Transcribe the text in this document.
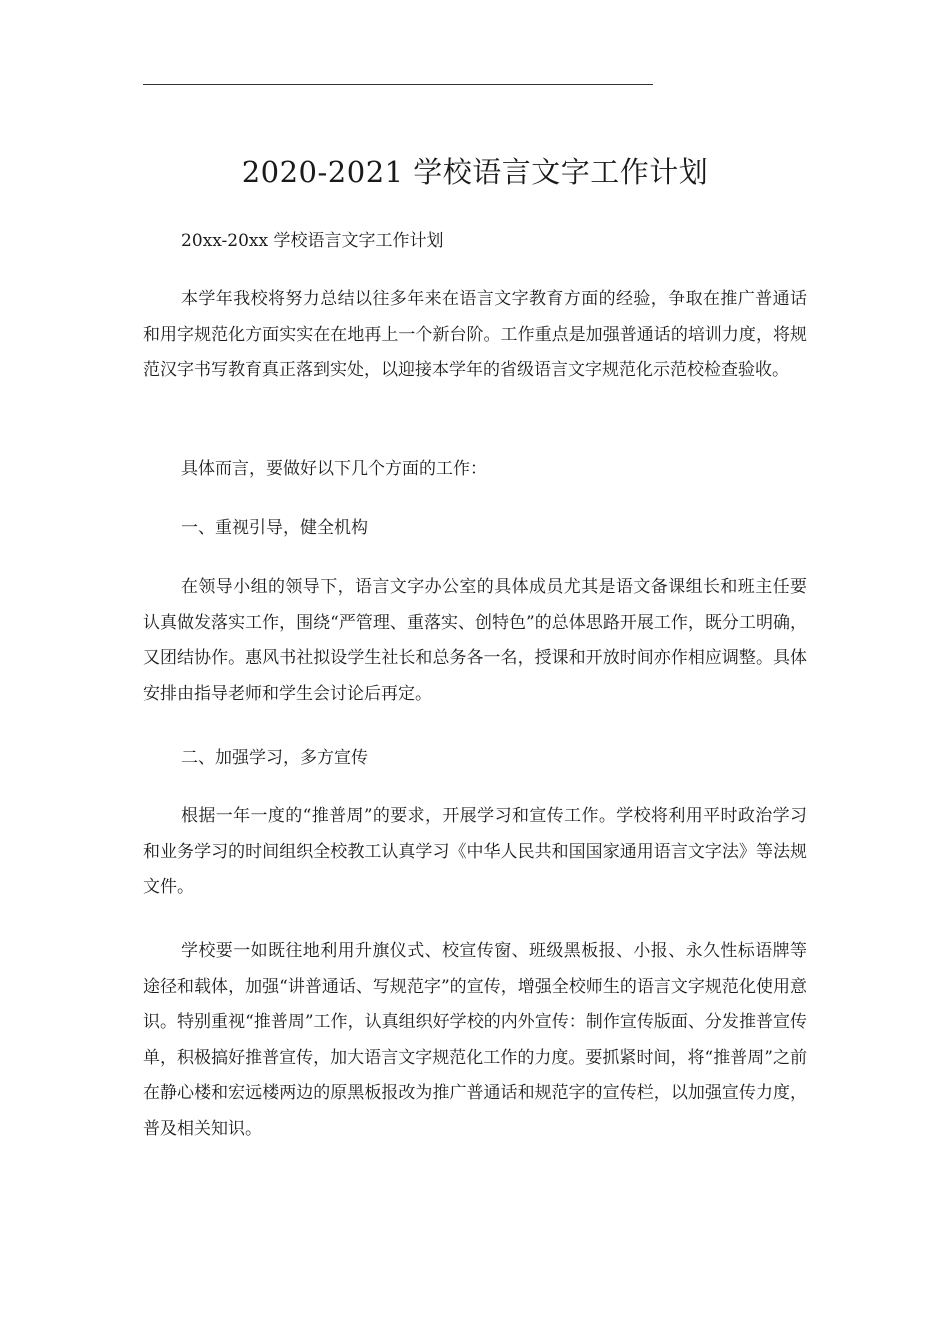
2020-2021 学校语言文字工作计划

20xx-20xx 学校语言文字工作计划

本学年我校将努力总结以往多年来在语言文字教育方面的经验，争取在推广普通话和用字规范化方面实实在在地再上一个新台阶。工作重点是加强普通话的培训力度，将规范汉字书写教育真正落到实处，以迎接本学年的省级语言文字规范化示范校检查验收。

具体而言，要做好以下几个方面的工作：

一、重视引导，健全机构

在领导小组的领导下，语言文字办公室的具体成员尤其是语文备课组长和班主任要认真做发落实工作，围绕“严管理、重落实、创特色”的总体思路开展工作，既分工明确，又团结协作。惠风书社拟设学生社长和总务各一名，授课和开放时间亦作相应调整。具体安排由指导老师和学生会讨论后再定。

二、加强学习，多方宣传

根据一年一度的“推普周”的要求，开展学习和宣传工作。学校将利用平时政治学习和业务学习的时间组织全校教工认真学习《中华人民共和国国家通用语言文字法》等法规文件。

学校要一如既往地利用升旗仪式、校宣传窗、班级黑板报、小报、永久性标语牌等途径和载体，加强“讲普通话、写规范字”的宣传，增强全校师生的语言文字规范化使用意识。特别重视“推普周”工作，认真组织好学校的内外宣传：制作宣传版面、分发推普宣传单，积极搞好推普宣传，加大语言文字规范化工作的力度。要抓紧时间，将“推普周”之前在静心楼和宏远楼两边的原黑板报改为推广普通话和规范字的宣传栏，以加强宣传力度，普及相关知识。
